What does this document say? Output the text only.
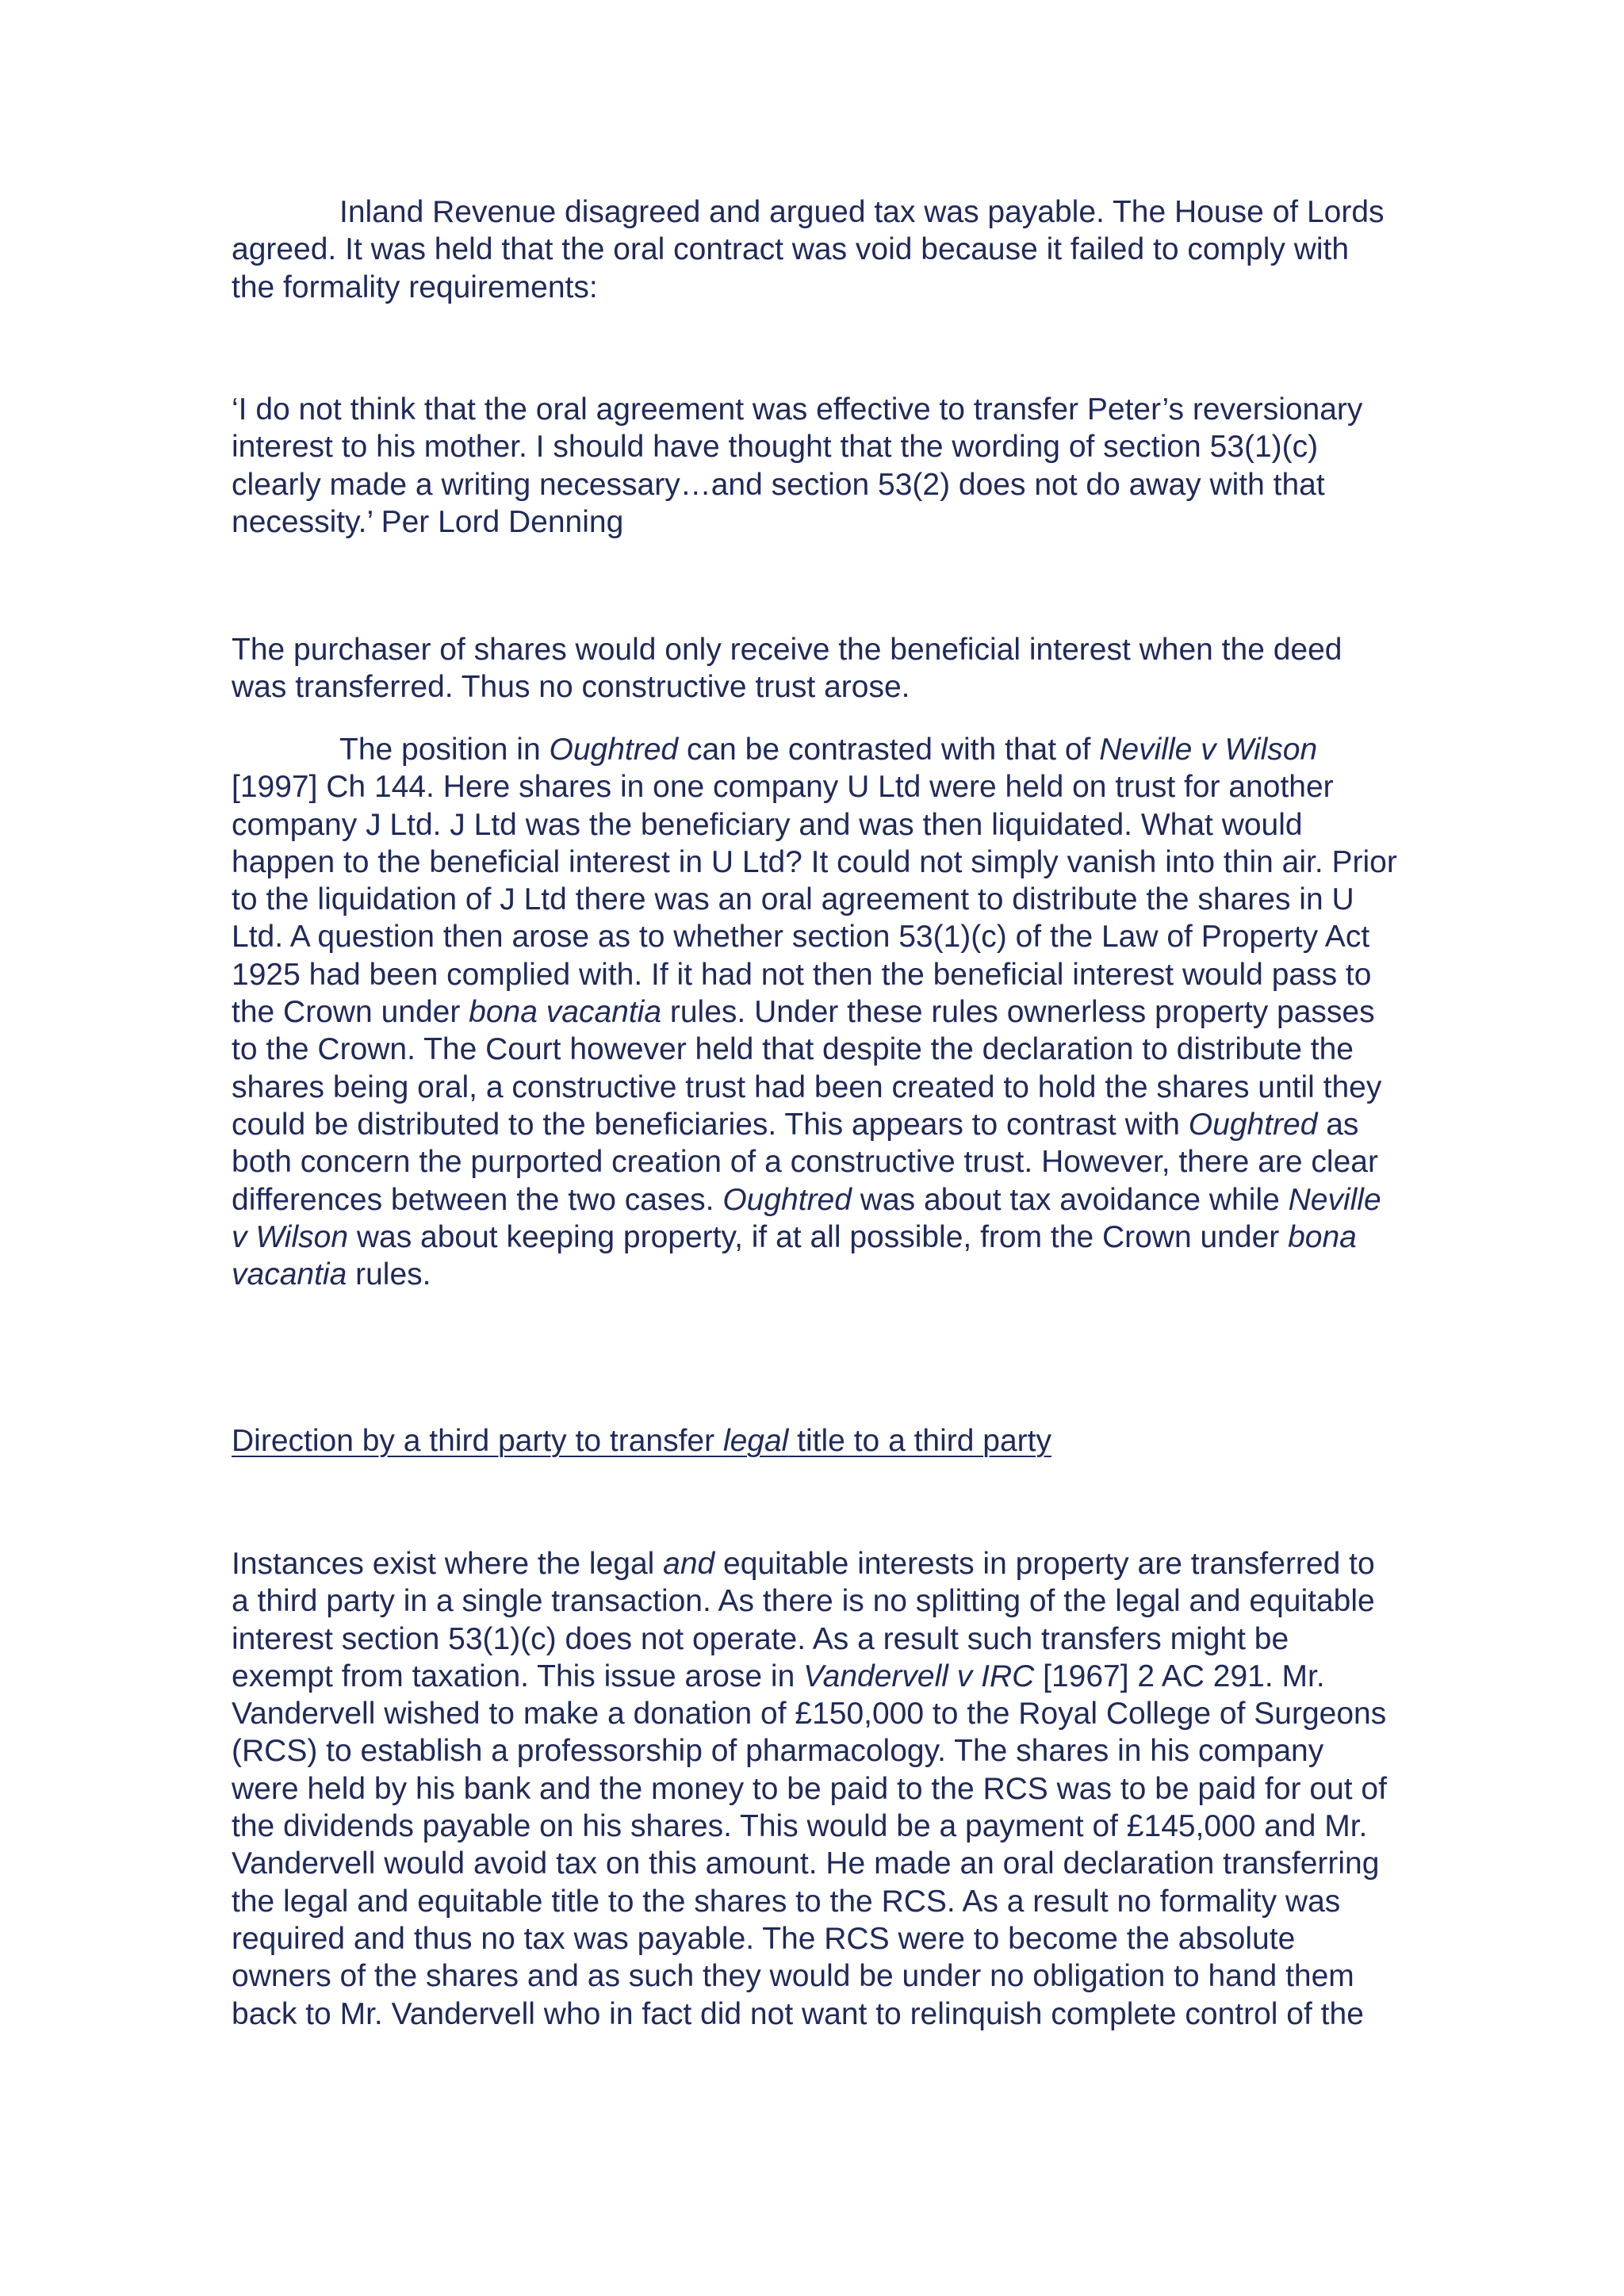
Inland Revenue disagreed and argued tax was payable. The House of Lords agreed. It was held that the oral contract was void because it failed to comply with the formality requirements:

‘I do not think that the oral agreement was effective to transfer Peter’s reversionary interest to his mother. I should have thought that the wording of section 53(1)(c) clearly made a writing necessary…and section 53(2) does not do away with that necessity.’ Per Lord Denning

The purchaser of shares would only receive the beneficial interest when the deed was transferred. Thus no constructive trust arose.

The position in Oughtred can be contrasted with that of Neville v Wilson [1997] Ch 144. Here shares in one company U Ltd were held on trust for another company J Ltd. J Ltd was the beneficiary and was then liquidated. What would happen to the beneficial interest in U Ltd? It could not simply vanish into thin air. Prior to the liquidation of J Ltd there was an oral agreement to distribute the shares in U Ltd. A question then arose as to whether section 53(1)(c) of the Law of Property Act 1925 had been complied with. If it had not then the beneficial interest would pass to the Crown under bona vacantia rules. Under these rules ownerless property passes to the Crown. The Court however held that despite the declaration to distribute the shares being oral, a constructive trust had been created to hold the shares until they could be distributed to the beneficiaries. This appears to contrast with Oughtred as both concern the purported creation of a constructive trust. However, there are clear differences between the two cases. Oughtred was about tax avoidance while Neville v Wilson was about keeping property, if at all possible, from the Crown under bona vacantia rules.

Direction by a third party to transfer legal title to a third party

Instances exist where the legal and equitable interests in property are transferred to a third party in a single transaction. As there is no splitting of the legal and equitable interest section 53(1)(c) does not operate. As a result such transfers might be exempt from taxation. This issue arose in Vandervell v IRC [1967] 2 AC 291. Mr. Vandervell wished to make a donation of £150,000 to the Royal College of Surgeons (RCS) to establish a professorship of pharmacology. The shares in his company were held by his bank and the money to be paid to the RCS was to be paid for out of the dividends payable on his shares. This would be a payment of £145,000 and Mr. Vandervell would avoid tax on this amount. He made an oral declaration transferring the legal and equitable title to the shares to the RCS. As a result no formality was required and thus no tax was payable. The RCS were to become the absolute owners of the shares and as such they would be under no obligation to hand them back to Mr. Vandervell who in fact did not want to relinquish complete control of the
